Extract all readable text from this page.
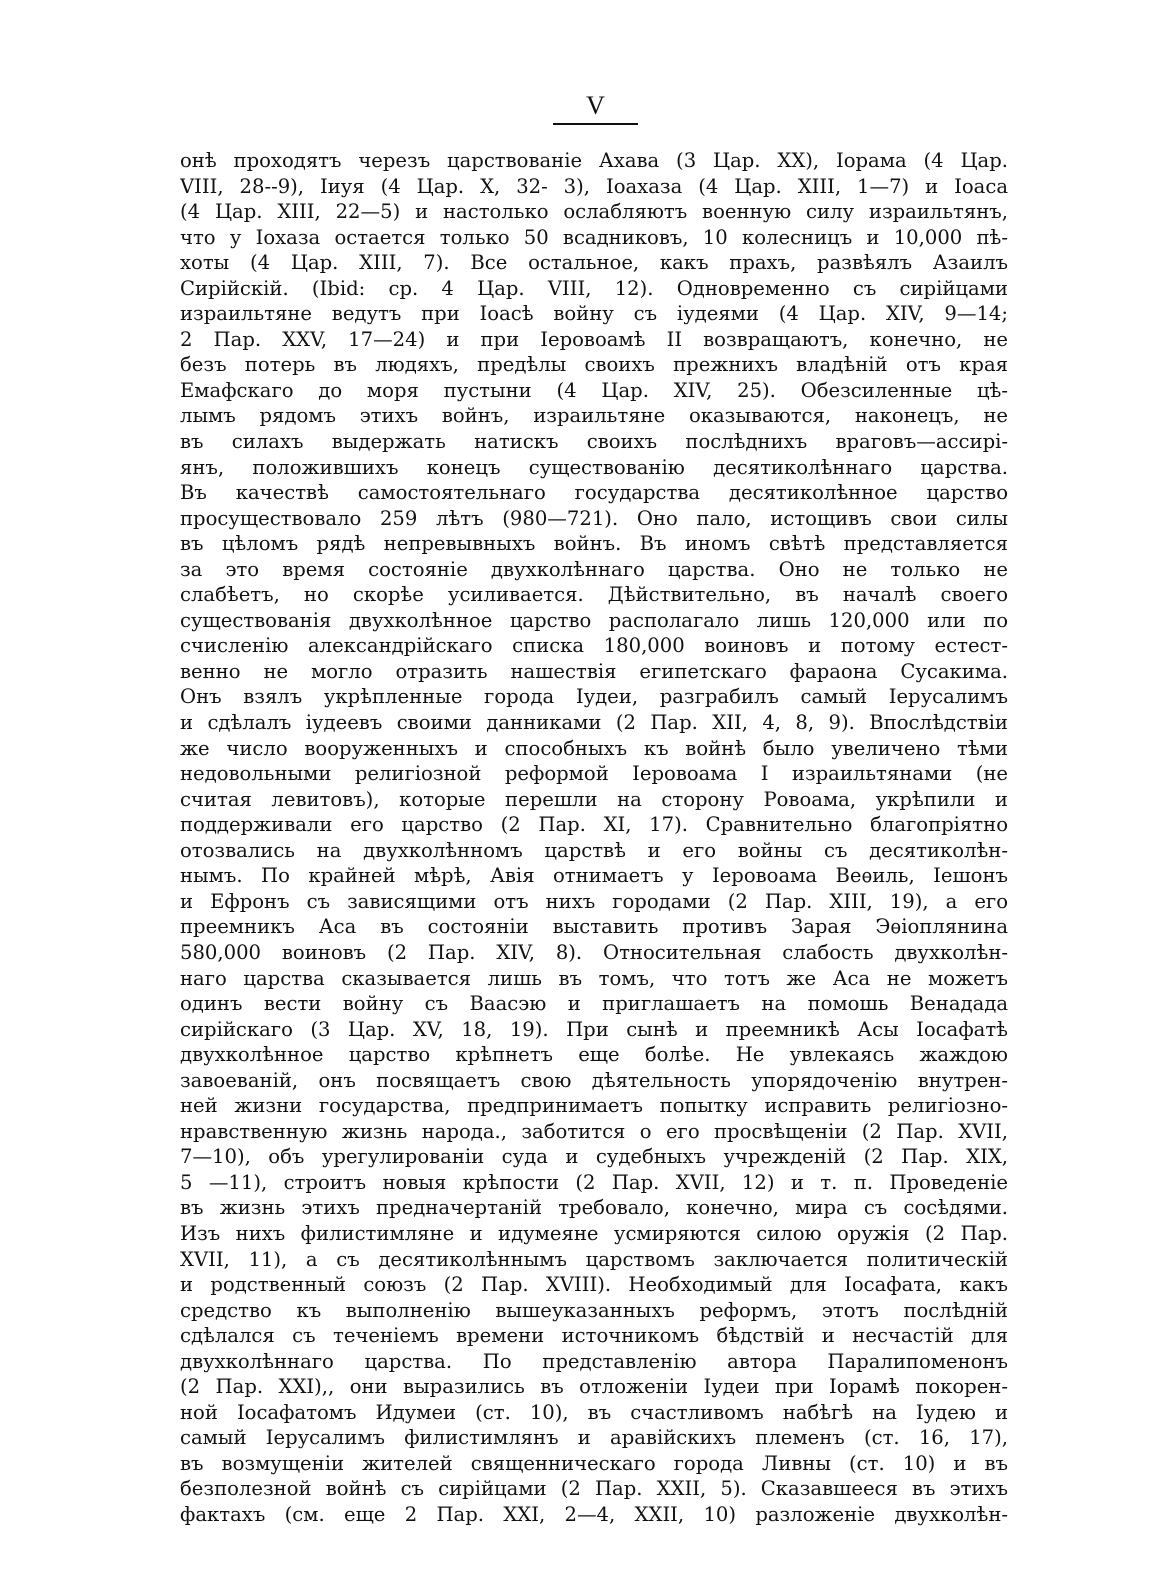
V
онѣ проходятъ черезъ царствованіе Ахава (3 Цар. XX), Іорама (4 Цар.
VIII, 28--9), Іиуя (4 Цар. X, 32- 3), Іоахаза (4 Цар. XIII, 1—7) и Іоаса
(4 Цар. XIII, 22—5) и настолько ослабляютъ военную силу израильтянъ,
что у Іохаза остается только 50 всадниковъ, 10 колесницъ и 10,000 пѣ-
хоты (4 Цар. XIII, 7). Все остальное, какъ прахъ, развѣялъ Азаилъ
Сирійскій. (Ibid: ср. 4 Цар. VIII, 12). Одновременно съ сирійцами
израильтяне ведутъ при Іоасѣ войну съ іудеями (4 Цар. XIV, 9—14;
2 Пар. XXV, 17—24) и при Іеровоамѣ II возвращаютъ, конечно, не
безъ потерь въ людяхъ, предѣлы своихъ прежнихъ владѣній отъ края
Емафскаго до моря пустыни (4 Цар. XIV, 25). Обезсиленные цѣ-
лымъ рядомъ этихъ войнъ, израильтяне оказываются, наконецъ, не
въ силахъ выдержать натискъ своихъ послѣднихъ враговъ—ассирі-
янъ, положившихъ конецъ существованію десятиколѣннаго царства.
Въ качествѣ самостоятельнаго государства десятиколѣнное царство
просуществовало 259 лѣтъ (980—721). Оно пало, истощивъ свои силы
въ цѣломъ рядѣ непревывныхъ войнъ. Въ иномъ свѣтѣ представляется
за это время состояніе двухколѣннаго царства. Оно не только не
слабѣетъ, но скорѣе усиливается. Дѣйствительно, въ началѣ своего
существованія двухколѣнное царство располагало лишь 120,000 или по
счисленію александрійскаго списка 180,000 воиновъ и потому естест-
венно не могло отразить нашествія египетскаго фараона Сусакима.
Онъ взялъ укрѣпленные города Іудеи, разграбилъ самый Іерусалимъ
и сдѣлалъ іудеевъ своими данниками (2 Пар. XII, 4, 8, 9). Впослѣдствіи
же число вооруженныхъ и способныхъ къ войнѣ было увеличено тѣми
недовольными религіозной реформой Іеровоама I израильтянами (не
считая левитовъ), которые перешли на сторону Ровоама, укрѣпили и
поддерживали его царство (2 Пар. XI, 17). Сравнительно благопріятно
отозвались на двухколѣнномъ царствѣ и его войны съ десятиколѣн-
нымъ. По крайней мѣрѣ, Авія отнимаетъ у Іеровоама Веѳиль, Іешонъ
и Ефронъ съ зависящими отъ нихъ городами (2 Пар. XIII, 19), а его
преемникъ Аса въ состояніи выставить противъ Зарая Эѳіоплянина
580,000 воиновъ (2 Пар. XIV, 8). Относительная слабость двухколѣн-
наго царства сказывается лишь въ томъ, что тотъ же Аса не можетъ
одинъ вести войну съ Ваасэю и приглашаетъ на помошь Венадада
сирійскаго (3 Цар. XV, 18, 19). При сынѣ и преемникѣ Асы Іосафатѣ
двухколѣнное царство крѣпнетъ еще болѣе. Не увлекаясь жаждою
завоеваній, онъ посвящаетъ свою дѣятельность упорядоченію внутрен-
ней жизни государства, предпринимаетъ попытку исправить религіозно-
нравственную жизнь народа., заботится о его просвѣщеніи (2 Пар. XVII,
7—10), объ урегулированіи суда и судебныхъ учрежденій (2 Пар. XIX,
5 —11), строитъ новыя крѣпости (2 Пар. XVII, 12) и т. п. Проведеніе
въ жизнь этихъ предначертаній требовало, конечно, мира съ сосѣдями.
Изъ нихъ филистимляне и идумеяне усмиряются силою оружія (2 Пар.
XVII, 11), а съ десятиколѣннымъ царствомъ заключается политическій
и родственный союзъ (2 Пар. XVIII). Необходимый для Іосафата, какъ
средство къ выполненію вышеуказанныхъ реформъ, этотъ послѣдній
сдѣлался съ теченіемъ времени источникомъ бѣдствій и несчастій для
двухколѣннаго царства. По представленію автора Паралипоменонъ
(2 Пар. XXI),, они выразились въ отложеніи Іудеи при Іорамѣ покорен-
ной Іосафатомъ Идумеи (ст. 10), въ счастливомъ набѣгѣ на Іудею и
самый Іерусалимъ филистимлянъ и аравійскихъ племенъ (ст. 16, 17),
въ возмущеніи жителей священническаго города Ливны (ст. 10) и въ
безполезной войнѣ съ сирійцами (2 Пар. XXII, 5). Сказавшееся въ этихъ
фактахъ (см. еще 2 Пар. XXI, 2—4, XXII, 10) разложеніе двухколѣн-
